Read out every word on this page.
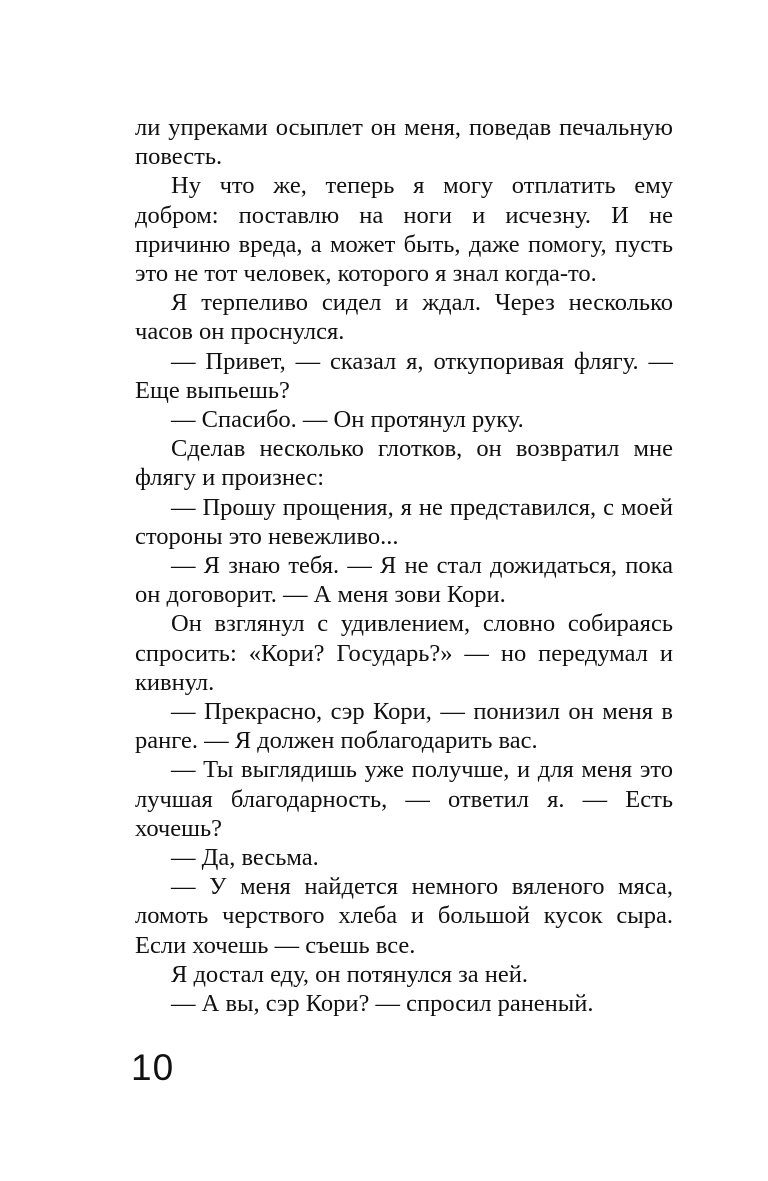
ли упреками осыплет он меня, поведав печальную повесть.

Ну что же, теперь я могу отплатить ему добром: поставлю на ноги и исчезну. И не причиню вреда, а может быть, даже помогу, пусть это не тот человек, которого я знал когда-то.

Я терпеливо сидел и ждал. Через несколько часов он проснулся.

— Привет, — сказал я, откупоривая флягу. — Еще выпьешь?

— Спасибо. — Он протянул руку.

Сделав несколько глотков, он возвратил мне флягу и произнес:

— Прошу прощения, я не представился, с моей стороны это невежливо...

— Я знаю тебя. — Я не стал дожидаться, пока он договорит. — А меня зови Кори.

Он взглянул с удивлением, словно собираясь спросить: «Кори? Государь?» — но передумал и кивнул.

— Прекрасно, сэр Кори, — понизил он меня в ранге. — Я должен поблагодарить вас.

— Ты выглядишь уже получше, и для меня это лучшая благодарность, — ответил я. — Есть хочешь?

— Да, весьма.

— У меня найдется немного вяленого мяса, ломоть черствого хлеба и большой кусок сыра. Если хочешь — съешь все.

Я достал еду, он потянулся за ней.

— А вы, сэр Кори? — спросил раненый.

10
